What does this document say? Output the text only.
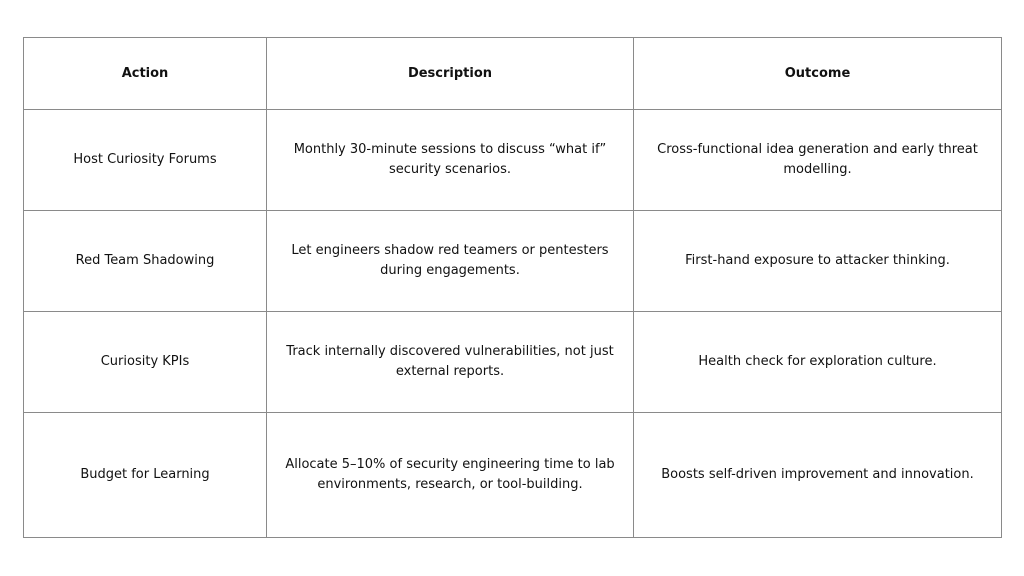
Action	Description	Outcome
Host Curiosity Forums	Monthly 30-minute sessions to discuss “what if” security scenarios.	Cross-functional idea generation and early threat modelling.
Red Team Shadowing	Let engineers shadow red teamers or pentesters during engagements.	First-hand exposure to attacker thinking.
Curiosity KPIs	Track internally discovered vulnerabilities, not just external reports.	Health check for exploration culture.
Budget for Learning	Allocate 5–10% of security engineering time to lab environments, research, or tool-building.	Boosts self-driven improvement and innovation.
